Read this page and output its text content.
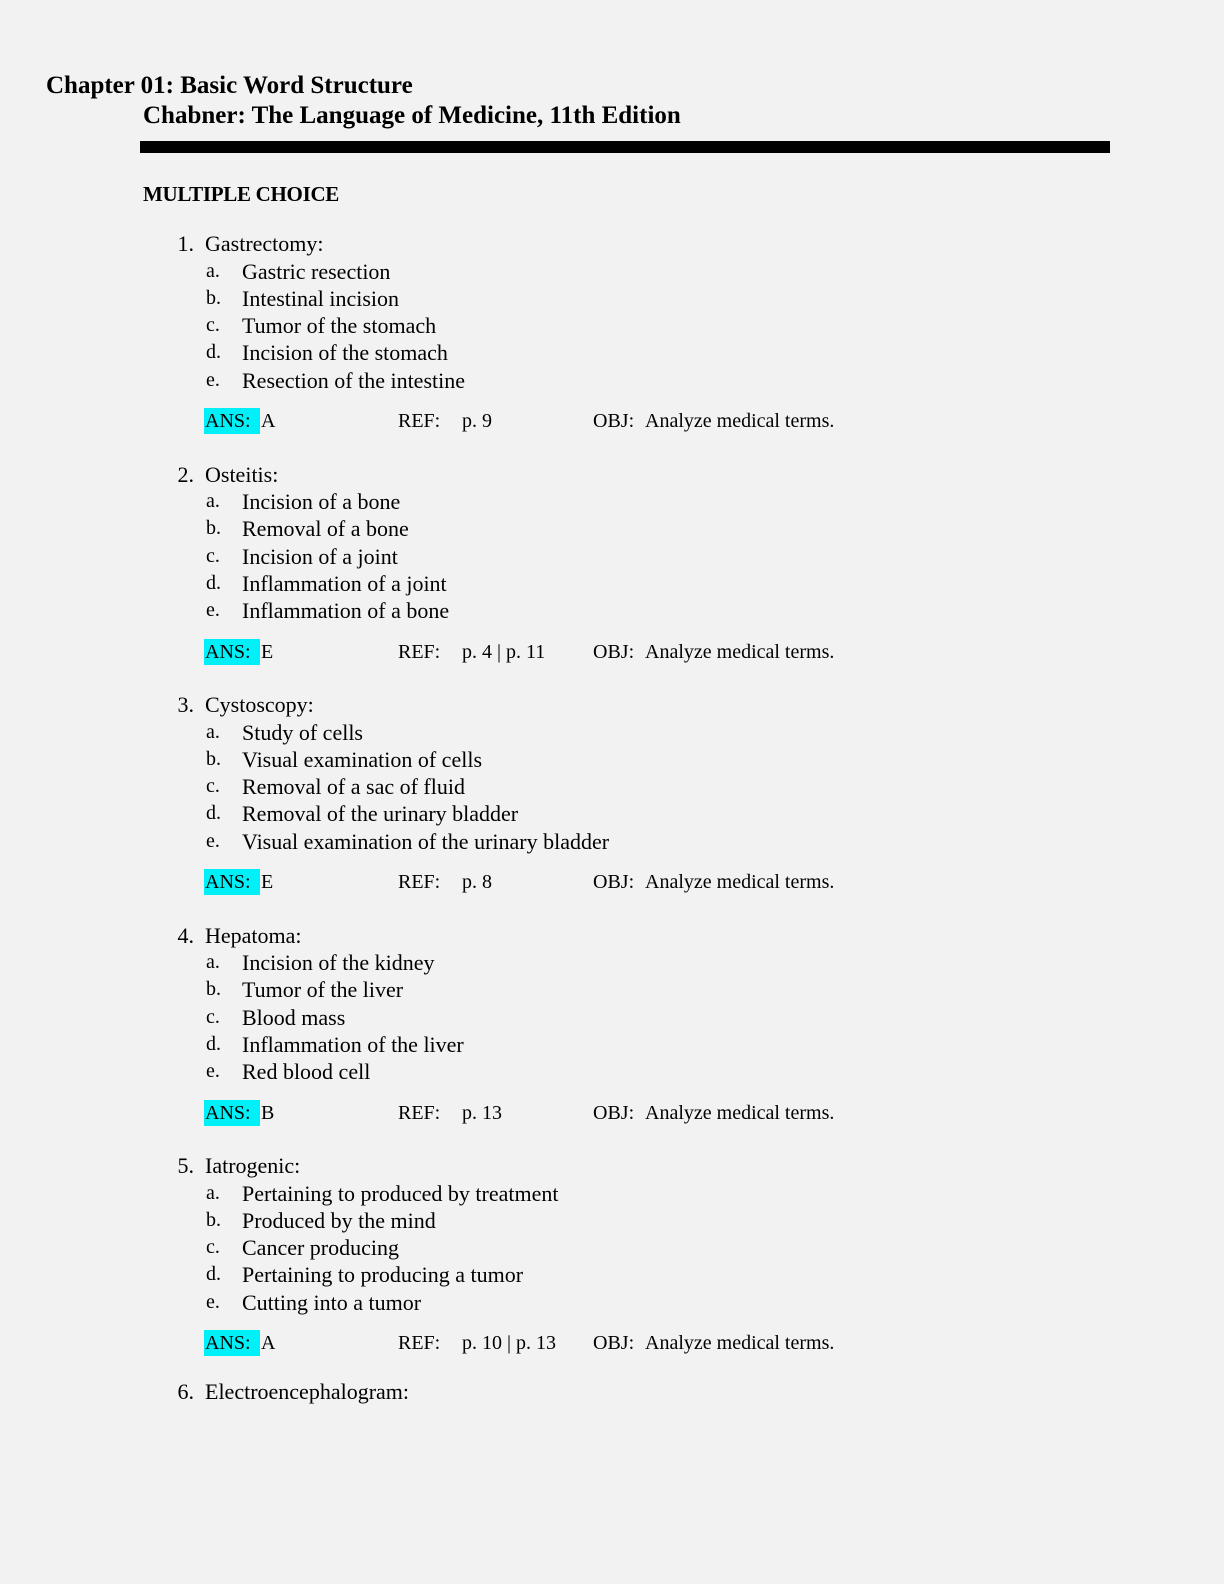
Chapter 01: Basic Word Structure
Chabner: The Language of Medicine, 11th Edition
MULTIPLE CHOICE
1. Gastrectomy:
a. Gastric resection
b. Intestinal incision
c. Tumor of the stomach
d. Incision of the stomach
e. Resection of the intestine
ANS: A	REF: p. 9	OBJ: Analyze medical terms.
2. Osteitis:
a. Incision of a bone
b. Removal of a bone
c. Incision of a joint
d. Inflammation of a joint
e. Inflammation of a bone
ANS: E	REF: p. 4 | p. 11 OBJ: Analyze medical terms.
3. Cystoscopy:
a. Study of cells
b. Visual examination of cells
c. Removal of a sac of fluid
d. Removal of the urinary bladder
e. Visual examination of the urinary bladder
ANS: E	REF: p. 8	OBJ: Analyze medical terms.
4. Hepatoma:
a. Incision of the kidney
b. Tumor of the liver
c. Blood mass
d. Inflammation of the liver
e. Red blood cell
ANS: B	REF: p. 13	OBJ: Analyze medical terms.
5. Iatrogenic:
a. Pertaining to produced by treatment
b. Produced by the mind
c. Cancer producing
d. Pertaining to producing a tumor
e. Cutting into a tumor
ANS: A	REF: p. 10 | p. 13 OBJ: Analyze medical terms.
6. Electroencephalogram:
